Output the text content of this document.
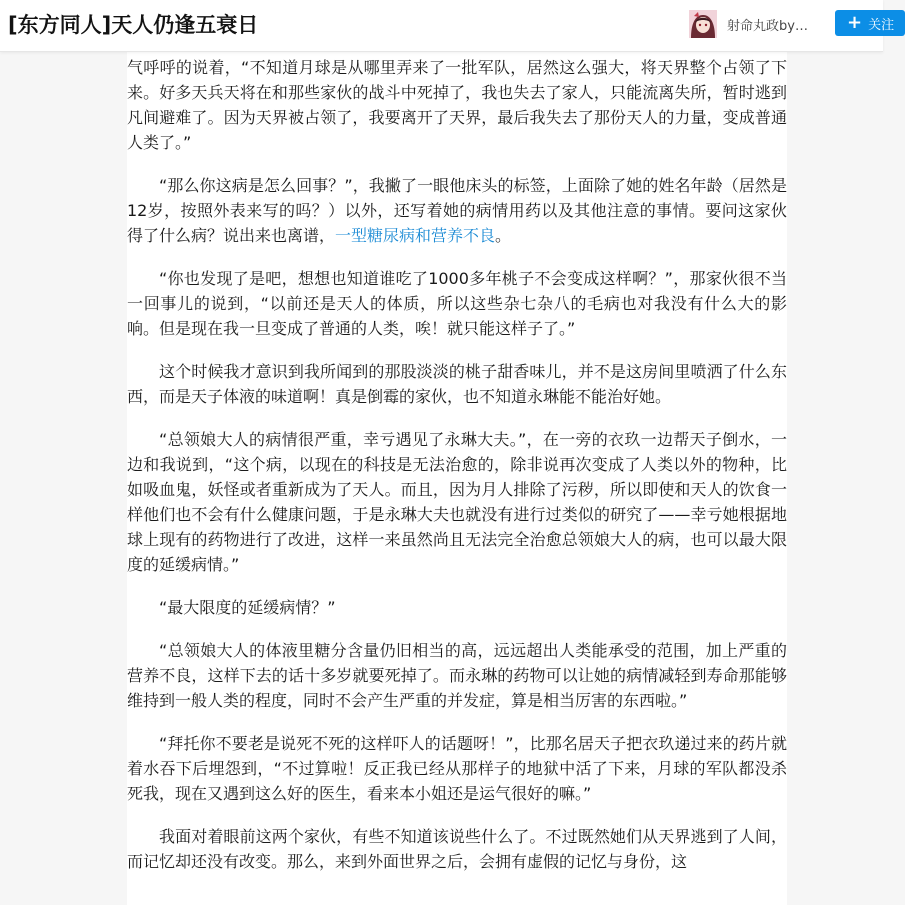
[东方同人]天人仍逢五衰日	射命丸政by… + 关注

气呼呼的说着，“不知道月球是从哪里弄来了一批军队，居然这么强大，将天界整个占领了下来。好多天兵天将在和那些家伙的战斗中死掉了，我也失去了家人，只能流离失所，暂时逃到凡间避难了。因为天界被占领了，我要离开了天界，最后我失去了那份天人的力量，变成普通人类了。”

“那么你这病是怎么回事？”，我撇了一眼他床头的标签，上面除了她的姓名年龄（居然是12岁，按照外表来写的吗？）以外，还写着她的病情用药以及其他注意的事情。要问这家伙得了什么病？说出来也离谱，一型糖尿病和营养不良。

“你也发现了是吧，想想也知道谁吃了1000多年桃子不会变成这样啊？”，那家伙很不当一回事儿的说到，“以前还是天人的体质，所以这些杂七杂八的毛病也对我没有什么大的影响。但是现在我一旦变成了普通的人类，唉！就只能这样子了。”

这个时候我才意识到我所闻到的那股淡淡的桃子甜香味儿，并不是这房间里喷洒了什么东西，而是天子体液的味道啊！真是倒霉的家伙，也不知道永琳能不能治好她。

“总领娘大人的病情很严重，幸亏遇见了永琳大夫。”，在一旁的衣玖一边帮天子倒水，一边和我说到，“这个病，以现在的科技是无法治愈的，除非说再次变成了人类以外的物种，比如吸血鬼，妖怪或者重新成为了天人。而且，因为月人排除了污秽，所以即使和天人的饮食一样他们也不会有什么健康问题，于是永琳大夫也就没有进行过类似的研究了——幸亏她根据地球上现有的药物进行了改进，这样一来虽然尚且无法完全治愈总领娘大人的病，也可以最大限度的延缓病情。”

“最大限度的延缓病情？”

“总领娘大人的体液里糖分含量仍旧相当的高，远远超出人类能承受的范围，加上严重的营养不良，这样下去的话十多岁就要死掉了。而永琳的药物可以让她的病情减轻到寿命那能够维持到一般人类的程度，同时不会产生严重的并发症，算是相当厉害的东西啦。”

“拜托你不要老是说死不死的这样吓人的话题呀！”，比那名居天子把衣玖递过来的药片就着水吞下后埋怨到，“不过算啦！反正我已经从那样子的地狱中活了下来，月球的军队都没杀死我，现在又遇到这么好的医生，看来本小姐还是运气很好的嘛。”

我面对着眼前这两个家伙，有些不知道该说些什么了。不过既然她们从天界逃到了人间，而记忆却还没有改变。那么，来到外面世界之后，会拥有虚假的记忆与身份，这
